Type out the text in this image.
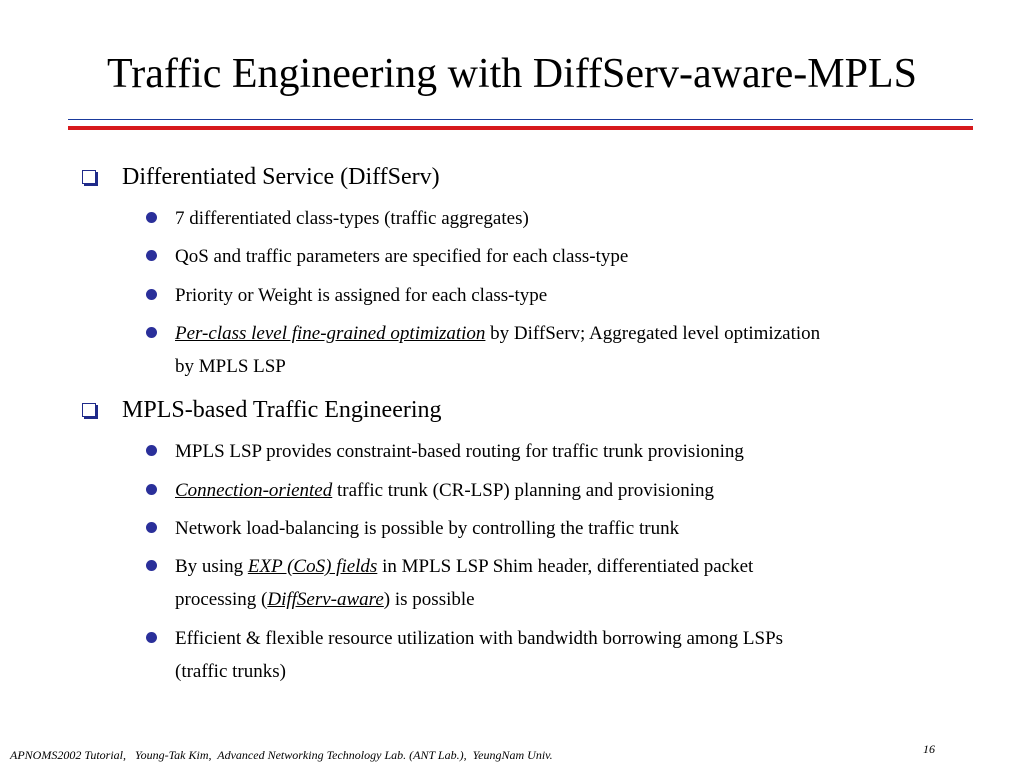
Traffic Engineering with DiffServ-aware-MPLS
Differentiated Service (DiffServ)
7 differentiated class-types (traffic aggregates)
QoS and traffic parameters are specified for each class-type
Priority or Weight is assigned for each class-type
Per-class level fine-grained optimization by DiffServ; Aggregated level optimization
by MPLS LSP
MPLS-based Traffic Engineering
MPLS LSP provides constraint-based routing for traffic trunk provisioning
Connection-oriented traffic trunk (CR-LSP) planning and provisioning
Network load-balancing is possible by controlling the traffic trunk
By using EXP (CoS) fields in MPLS LSP Shim header, differentiated packet
processing (DiffServ-aware) is possible
Efficient & flexible resource utilization with bandwidth borrowing among LSPs
(traffic trunks)
APNOMS2002 Tutorial,   Young-Tak Kim,  Advanced Networking Technology Lab. (ANT Lab.),  YeungNam Univ.	16
